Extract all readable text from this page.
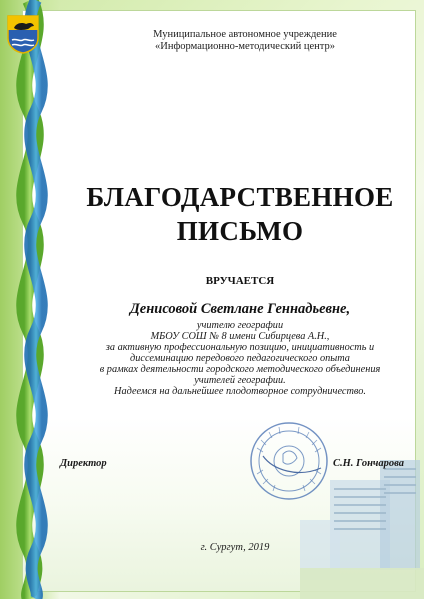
Муниципальное автономное учреждение
«Информационно-методический центр»
БЛАГОДАРСТВЕННОЕ
ПИСЬМО
ВРУЧАЕТСЯ
Денисовой Светлане Геннадьевне,
учителю географии
МБОУ СОШ № 8 имени Сибирцева А.Н.,
за активную профессиональную позицию, инициативность и
диссеминацию передового педагогического опыта
в рамках деятельности городского методического объединения
учителей географии.
Надеемся на дальнейшее плодотворное сотрудничество.
Директор	С.Н. Гончарова
г. Сургут, 2019
